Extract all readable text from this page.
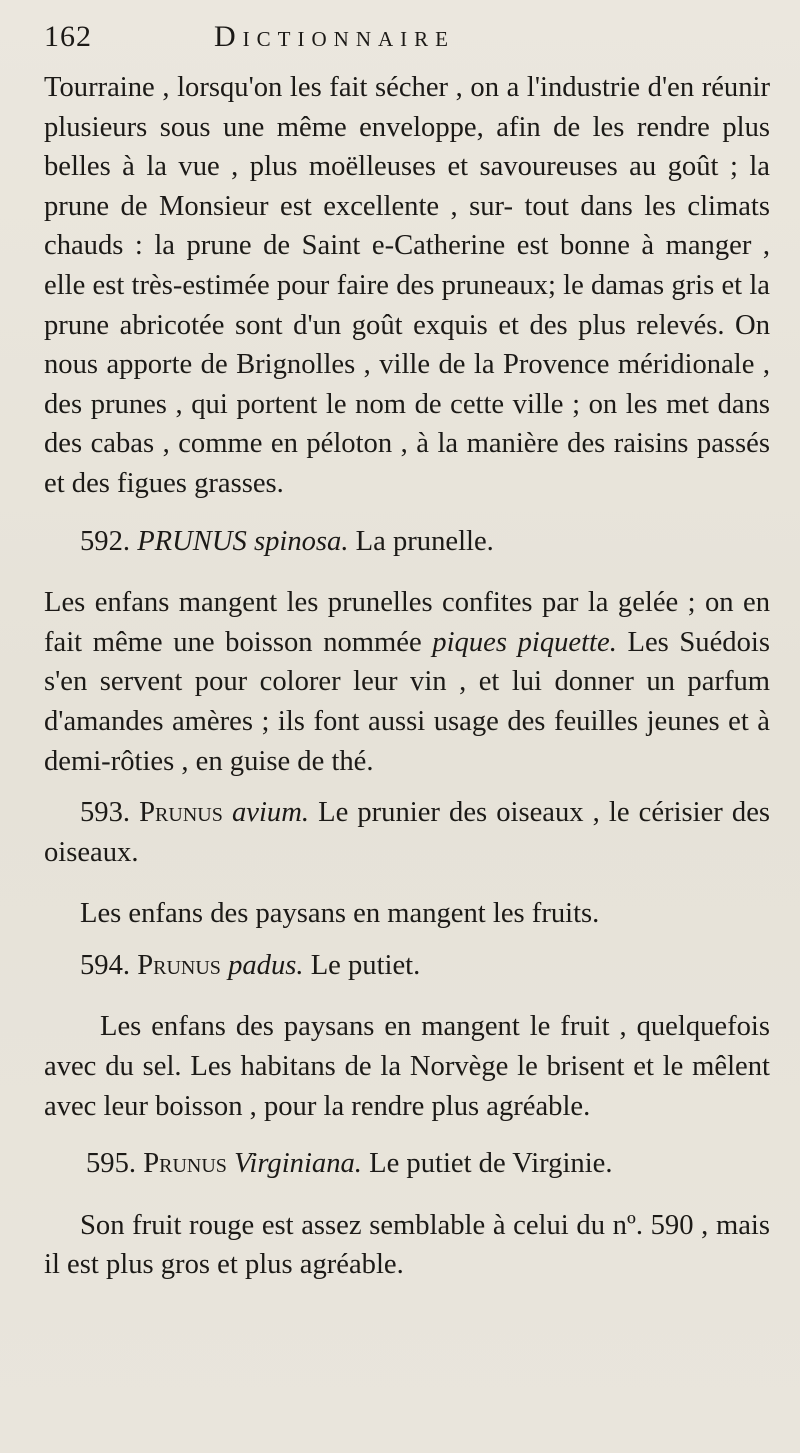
162	Dictionnaire

Tourraine , lorsqu'on les fait sécher , on a l'industrie d'en réunir plusieurs sous une même enveloppe, afin de les rendre plus belles à la vue , plus moëlleuses et savoureuses au goût ; la prune de Monsieur est excellente , sur- tout dans les climats chauds : la prune de Saint e-Catherine est bonne à manger , elle est très-estimée pour faire des pruneaux; le damas gris et la prune abricotée sont d'un goût exquis et des plus relevés. On nous apporte de Brignolles , ville de la Provence méridionale , des prunes , qui portent le nom de cette ville ; on les met dans des cabas , comme en péloton , à la manière des raisins passés et des figues grasses.

592. PRUNUS spinosa. La prunelle.

Les enfans mangent les prunelles confites par la gelée ; on en fait même une boisson nommée piques piquette. Les Suédois s'en servent pour colorer leur vin , et lui donner un parfum d'amandes amères ; ils font aussi usage des feuilles jeunes et à demi-rôties , en guise de thé.

593. Prunus avium. Le prunier des oiseaux , le cérisier des oiseaux.

Les enfans des paysans en mangent les fruits.

594. Prunus padus. Le putiet.

Les enfans des paysans en mangent le fruit , quelquefois avec du sel. Les habitans de la Norvège le brisent et le mêlent avec leur boisson , pour la rendre plus agréable.

595. Prunus Virginiana. Le putiet de Virginie.

Son fruit rouge est assez semblable à celui du nº. 590 , mais il est plus gros et plus agréable.
